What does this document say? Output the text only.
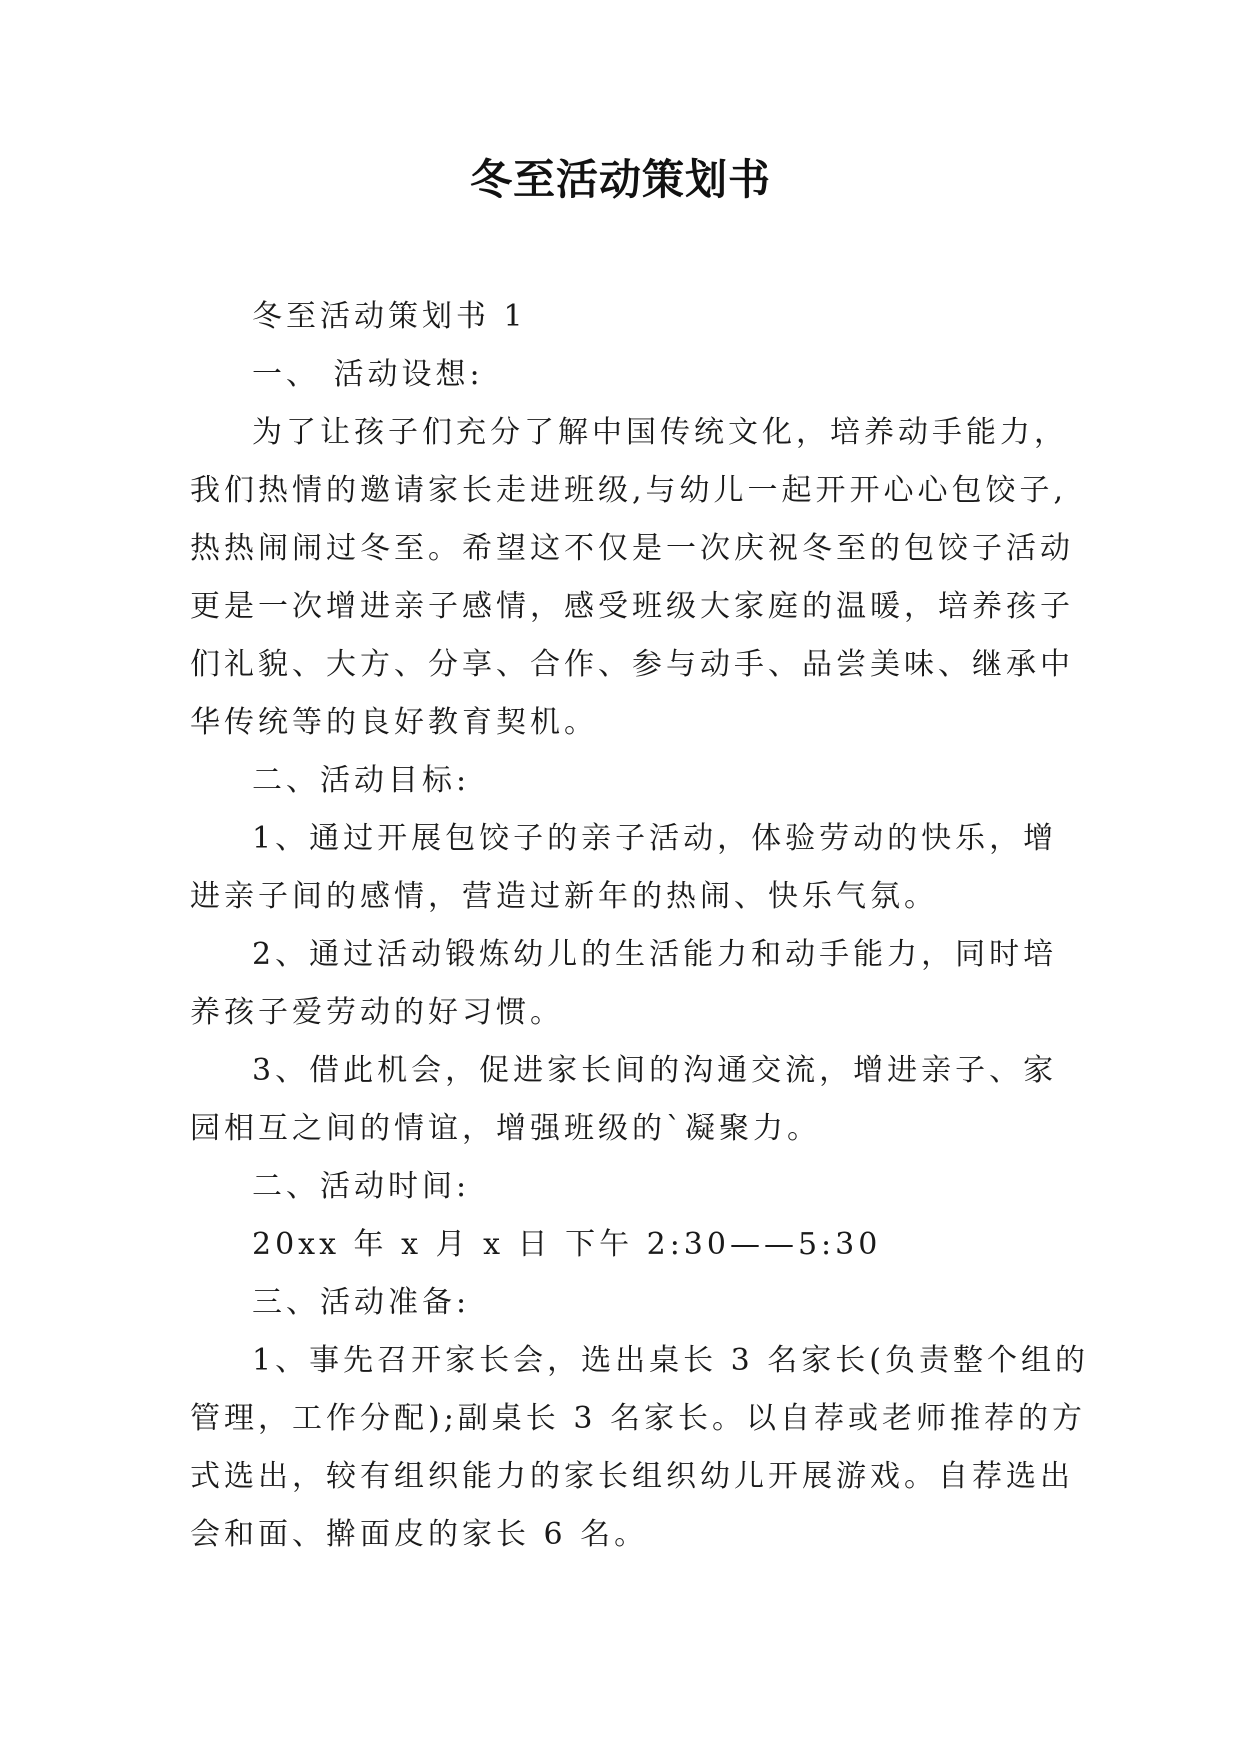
冬至活动策划书

冬至活动策划书 1

一、 活动设想:

为了让孩子们充分了解中国传统文化，培养动手能力，
我们热情的邀请家长走进班级,与幼儿一起开开心心包饺子,
热热闹闹过冬至。希望这不仅是一次庆祝冬至的包饺子活动
更是一次增进亲子感情，感受班级大家庭的温暖，培养孩子
们礼貌、大方、分享、合作、参与动手、品尝美味、继承中
华传统等的良好教育契机。

二、活动目标:

1、通过开展包饺子的亲子活动，体验劳动的快乐，增
进亲子间的感情，营造过新年的热闹、快乐气氛。

2、通过活动锻炼幼儿的生活能力和动手能力，同时培
养孩子爱劳动的好习惯。

3、借此机会，促进家长间的沟通交流，增进亲子、家
园相互之间的情谊，增强班级的`凝聚力。

二、活动时间:

20xx 年 x 月 x 日 下午 2:30——5:30

三、活动准备:

1、事先召开家长会，选出桌长 3 名家长(负责整个组的
管理，工作分配);副桌长 3 名家长。以自荐或老师推荐的方
式选出，较有组织能力的家长组织幼儿开展游戏。自荐选出
会和面、擀面皮的家长 6 名。
